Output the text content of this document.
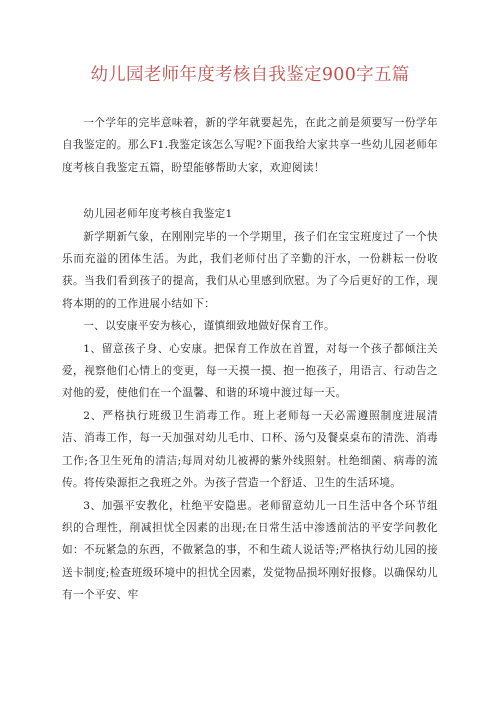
幼儿园老师年度考核自我鉴定900字五篇

一个学年的完毕意味着，新的学年就要起先，在此之前是须要写一份学年自我鉴定的。那么F1.我鉴定该怎么写呢?下面我给大家共享一些幼儿园老师年度考核自我鉴定五篇，盼望能够帮助大家，欢迎阅读！

幼儿园老师年度考核自我鉴定1

新学期新气象，在刚刚完毕的一个学期里，孩子们在宝宝班度过了一个快乐而充溢的团体生活。为此，我们老师付出了辛勤的汗水，一份耕耘一份收获。当我们看到孩子的提高，我们从心里感到欣慰。为了今后更好的工作，现将本期的的工作进展小结如下：

一、以安康平安为核心，谨慎细致地做好保育工作。

1、留意孩子身、心安康。把保育工作放在首置，对每一个孩子都倾注关爱，视察他们心情上的变更，每一天摸一摸、抱一抱孩子，用语言、行动告之对他的爱，使他们在一个温馨、和谐的环境中渡过每一天。

2、严格执行班级卫生消毒工作。班上老师每一天必需遵照制度进展清洁、消毒工作，每一天加强对幼儿毛巾、口杯、汤勺及餐桌桌布的清洗、消毒工作;各卫生死角的清洁;每周对幼儿被褥的紫外线照射。杜绝细菌、病毒的流传。将传染源拒之我班之外。为孩子营造一个舒适、卫生的生活环境。

3、加强平安教化，杜绝平安隐患。老师留意幼儿一日生活中各个环节组织的合理性，削减担忧全因素的出现;在日常生活中渗透前沽的平安学问教化如：不玩紧急的东西，不做紧急的事，不和生疏人说话等;严格执行幼儿园的接送卡制度;检查班级环境中的担忧全因素，发觉物品损坏刚好报修。以确保幼儿有一个平安、牢
